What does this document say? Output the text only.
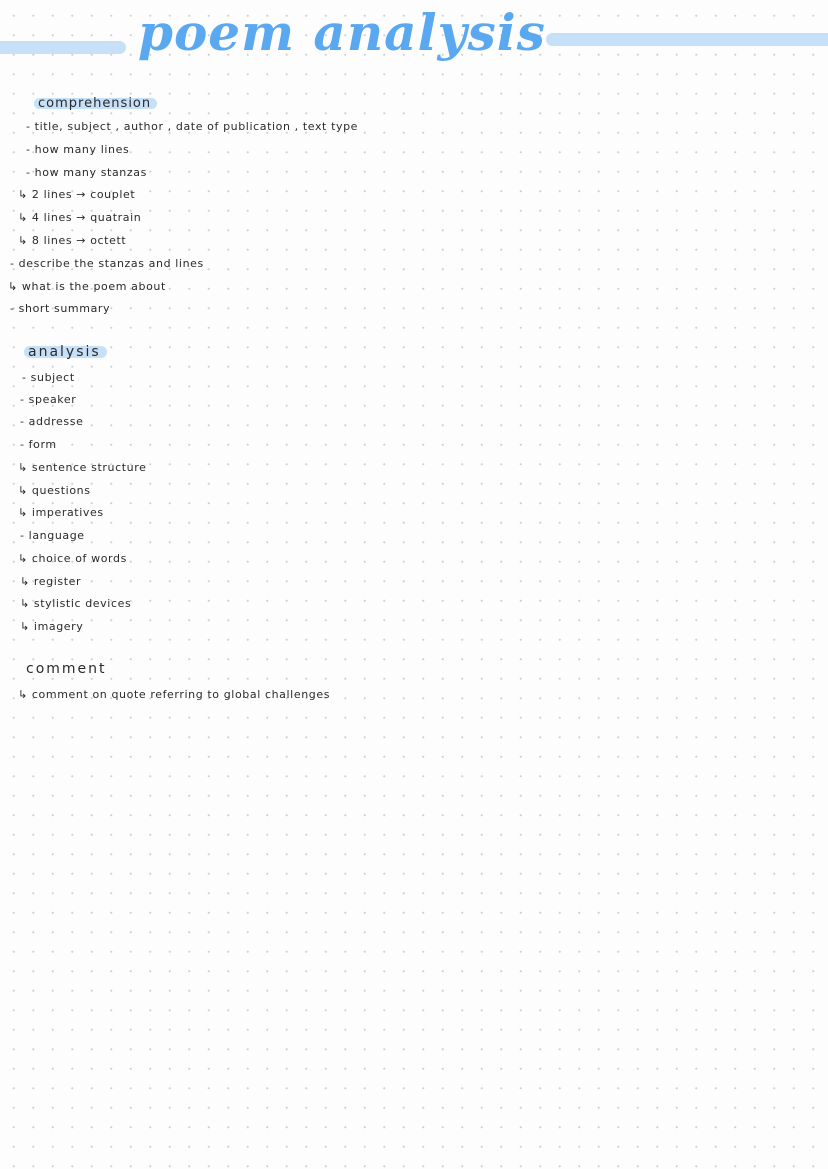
poem analysis
comprehension
- title, subject , author , date of publication , text type
- how many lines
- how many stanzas
↳ 2 lines → couplet
↳ 4 lines → quatrain
↳ 8 lines → octett
- describe the stanzas and lines
↳ what is the poem about
- short summary
analysis
- subject
- speaker
- addresse
- form
↳ sentence structure
↳ questions
↳ imperatives
- language
↳ choice of words
↳ register
↳ stylistic devices
↳ imagery
comment
↳ comment on quote referring to global challenges
